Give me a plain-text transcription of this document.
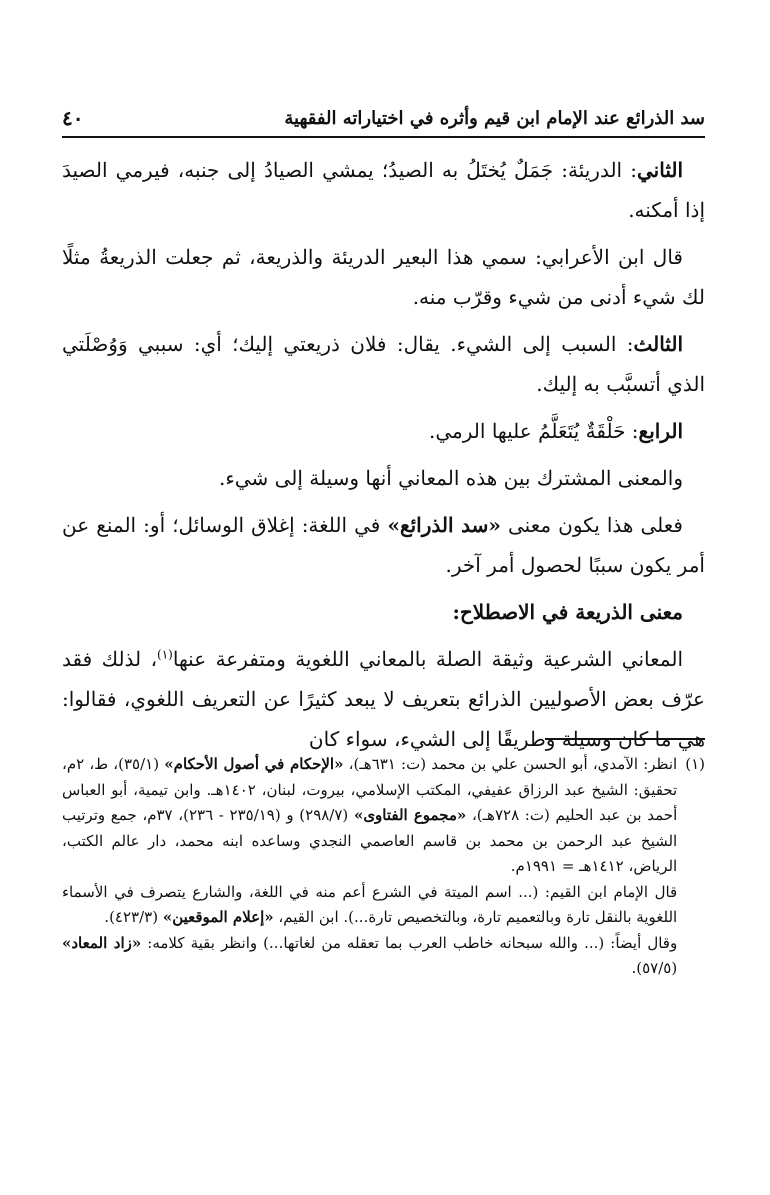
سد الذرائع عند الإمام ابن قيم وأثره في اختياراته الفقهية
٤٠

الثاني: الدريئة: جَمَلٌ يُختَلُ به الصيدُ؛ يمشي الصيادُ إلى جنبه، فيرمي الصيدَ إذا أمكنه.

قال ابن الأعرابي: سمي هذا البعير الدريئة والذريعة، ثم جعلت الذريعةُ مثلًا لك شيء أدنى من شيء وقرّب منه.

الثالث: السبب إلى الشيء. يقال: فلان ذريعتي إليك؛ أي: سببي وَوُصْلَتي الذي أتسبَّب به إليك.

الرابع: حَلْقَةٌ يُتَعَلَّمُ عليها الرمي.

والمعنى المشترك بين هذه المعاني أنها وسيلة إلى شيء.

فعلى هذا يكون معنى «سد الذرائع» في اللغة: إغلاق الوسائل؛ أو: المنع عن أمر يكون سببًا لحصول أمر آخر.

معنى الذريعة في الاصطلاح:

المعاني الشرعية وثيقة الصلة بالمعاني اللغوية ومتفرعة عنها$^{(١)}$، لذلك فقد عرّف بعض الأصوليين الذرائع بتعريف لا يبعد كثيرًا عن التعريف اللغوي، فقالوا: هي ما كان وسيلة وطريقًا إلى الشيء، سواء كان

(١)

انظر: الآمدي، أبو الحسن علي بن محمد (ت: ٦٣١هـ)، «الإحكام في أصول الأحكام» (٣٥/١)، ط، ٢م، تحقيق: الشيخ عبد الرزاق عفيفي، المكتب الإسلامي، بيروت، لبنان، ١٤٠٢هـ. وابن تيمية، أبو العباس أحمد بن عبد الحليم (ت: ٧٢٨هـ)، «مجموع الفتاوى» (٢٩٨/٧) و (٢٣٥/١٩ - ٢٣٦)، ٣٧م، جمع وترتيب الشيخ عبد الرحمن بن محمد بن قاسم العاصمي النجدي وساعده ابنه محمد، دار عالم الكتب، الرياض، ١٤١٢هـ = ١٩٩١م.

قال الإمام ابن القيم: (... اسم الميتة في الشرع أعم منه في اللغة، والشارع يتصرف في الأسماء اللغوية بالنقل تارة وبالتعميم تارة، وبالتخصيص تارة...). ابن القيم، «إعلام الموقعين» (٤٢٣/٣).

وقال أيضاً: (... والله سبحانه خاطب العرب بما تعقله من لغاتها...) وانظر بقية كلامه: «زاد المعاد» (٥٧/٥).
